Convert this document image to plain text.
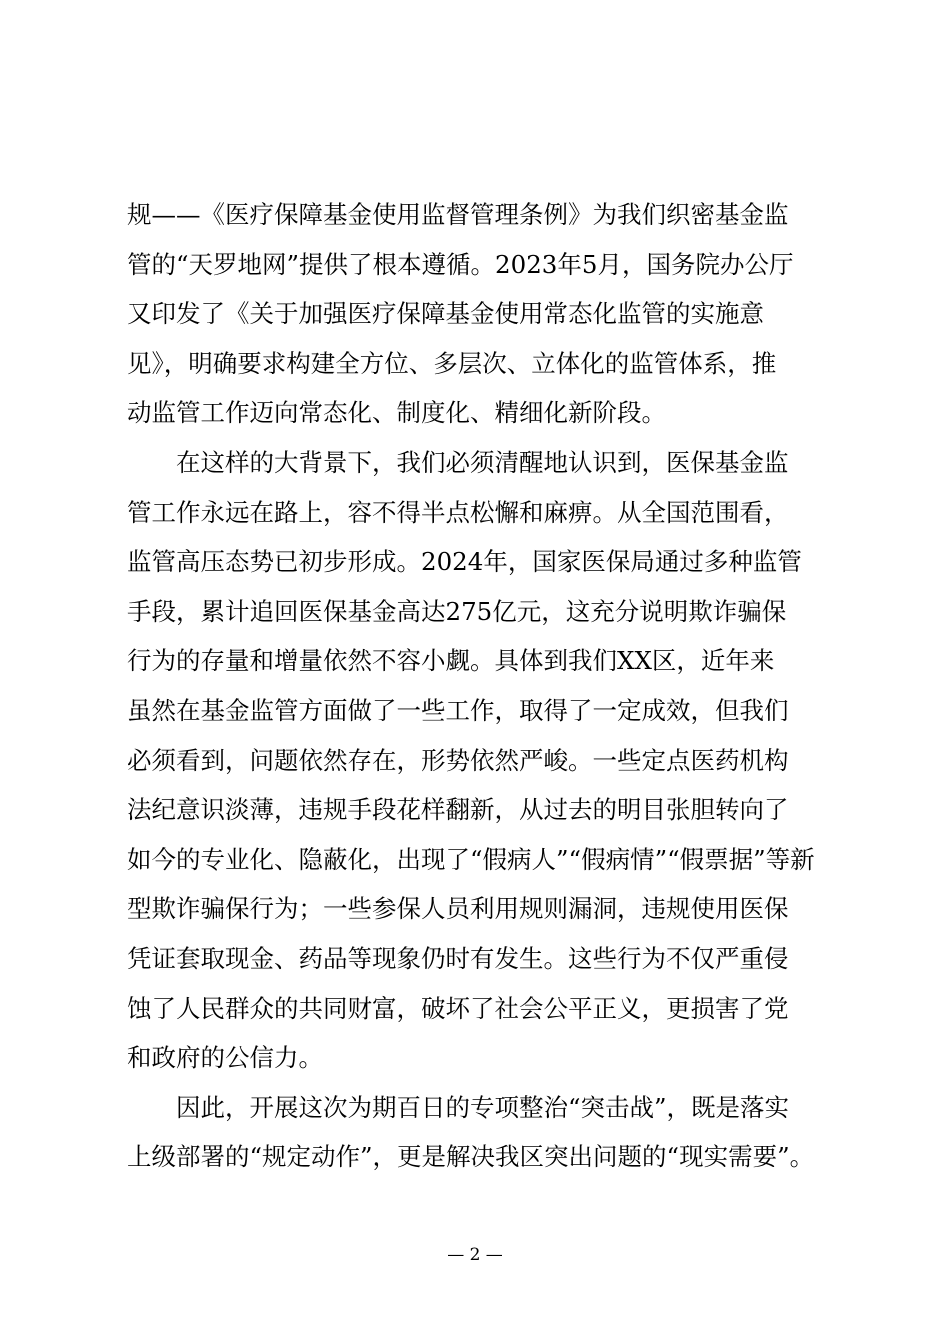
规——《医疗保障基金使用监督管理条例》为我们织密基金监
管的“天罗地网”提供了根本遵循。2023年5月，国务院办公厅
又印发了《关于加强医疗保障基金使用常态化监管的实施意
见》，明确要求构建全方位、多层次、立体化的监管体系，推
动监管工作迈向常态化、制度化、精细化新阶段。

在这样的大背景下，我们必须清醒地认识到，医保基金监
管工作永远在路上，容不得半点松懈和麻痹。从全国范围看，
监管高压态势已初步形成。2024年，国家医保局通过多种监管
手段，累计追回医保基金高达275亿元，这充分说明欺诈骗保
行为的存量和增量依然不容小觑。具体到我们XX区，近年来
虽然在基金监管方面做了一些工作，取得了一定成效，但我们
必须看到，问题依然存在，形势依然严峻。一些定点医药机构
法纪意识淡薄，违规手段花样翻新，从过去的明目张胆转向了
如今的专业化、隐蔽化，出现了“假病人”“假病情”“假票据”等新
型欺诈骗保行为；一些参保人员利用规则漏洞，违规使用医保
凭证套取现金、药品等现象仍时有发生。这些行为不仅严重侵
蚀了人民群众的共同财富，破坏了社会公平正义，更损害了党
和政府的公信力。

因此，开展这次为期百日的专项整治“突击战”，既是落实
上级部署的“规定动作”，更是解决我区突出问题的“现实需要”。

— 2 —
